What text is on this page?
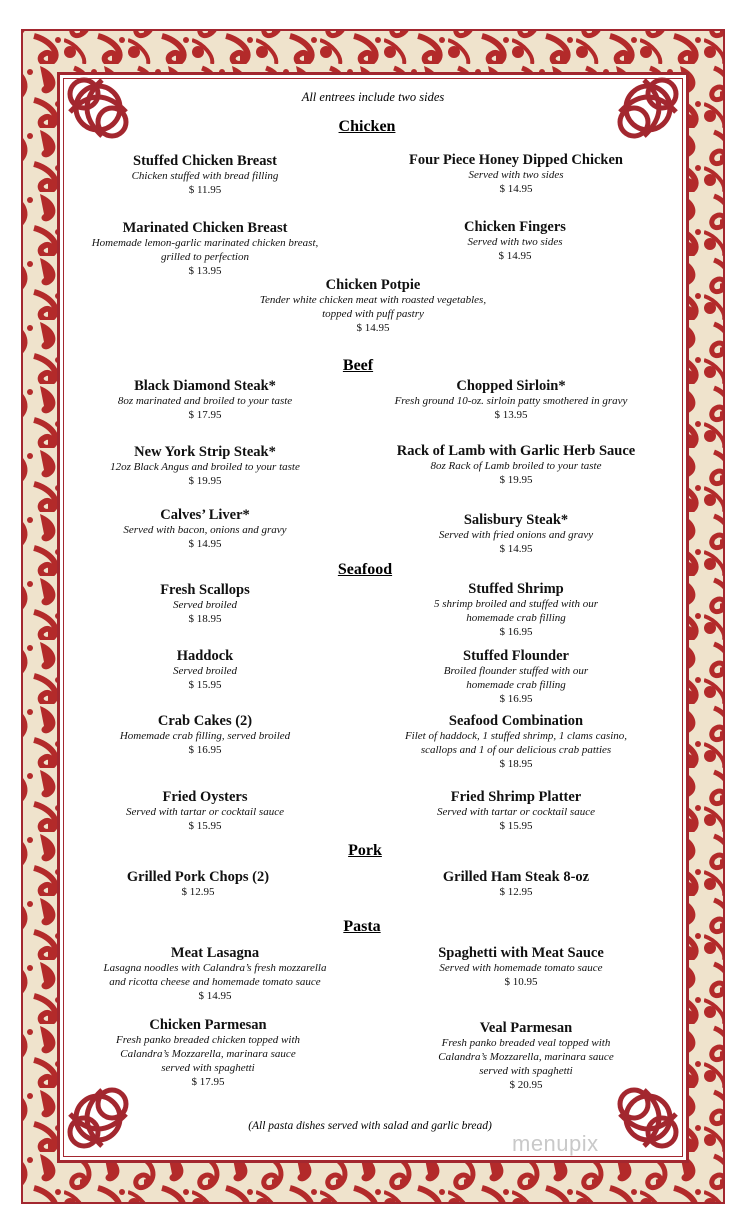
All entrees include two sides
Chicken
Stuffed Chicken Breast
Chicken stuffed with bread filling
$ 11.95
Four Piece Honey Dipped Chicken
Served with two sides
$ 14.95
Marinated Chicken Breast
Homemade lemon-garlic marinated chicken breast,
grilled to perfection
$ 13.95
Chicken Fingers
Served with two sides
$ 14.95
Chicken Potpie
Tender white chicken meat with roasted vegetables,
topped with puff pastry
$ 14.95
Beef
Black Diamond Steak*
8oz marinated and broiled to your taste
$ 17.95
Chopped Sirloin*
Fresh ground 10-oz. sirloin patty smothered in gravy
$ 13.95
New York Strip Steak*
12oz Black Angus and broiled to your taste
$ 19.95
Rack of Lamb with Garlic Herb Sauce
8oz Rack of Lamb broiled to your taste
$ 19.95
Calves’ Liver*
Served with bacon, onions and gravy
$ 14.95
Salisbury Steak*
Served with fried onions and gravy
$ 14.95
Seafood
Fresh Scallops
Served broiled
$ 18.95
Stuffed Shrimp
5 shrimp broiled and stuffed with our
homemade crab filling
$ 16.95
Haddock
Served broiled
$ 15.95
Stuffed Flounder
Broiled flounder stuffed with our
homemade crab filling
$ 16.95
Crab Cakes (2)
Homemade crab filling, served broiled
$ 16.95
Seafood Combination
Filet of haddock, 1 stuffed shrimp, 1 clams casino,
scallops and 1 of our delicious crab patties
$ 18.95
Fried Oysters
Served with tartar or cocktail sauce
$ 15.95
Fried Shrimp Platter
Served with tartar or cocktail sauce
$ 15.95
Pork
Grilled Pork Chops (2)
$ 12.95
Grilled Ham Steak 8-oz
$ 12.95
Pasta
Meat Lasagna
Lasagna noodles with Calandra’s fresh mozzarella
and ricotta cheese and homemade tomato sauce
$ 14.95
Spaghetti with Meat Sauce
Served with homemade tomato sauce
$ 10.95
Chicken Parmesan
Fresh panko breaded chicken topped with
Calandra’s Mozzarella, marinara sauce
served with spaghetti
$ 17.95
Veal Parmesan
Fresh panko breaded veal topped with
Calandra’s Mozzarella, marinara sauce
served with spaghetti
$ 20.95
(All pasta dishes served with salad and garlic bread)
menupix
